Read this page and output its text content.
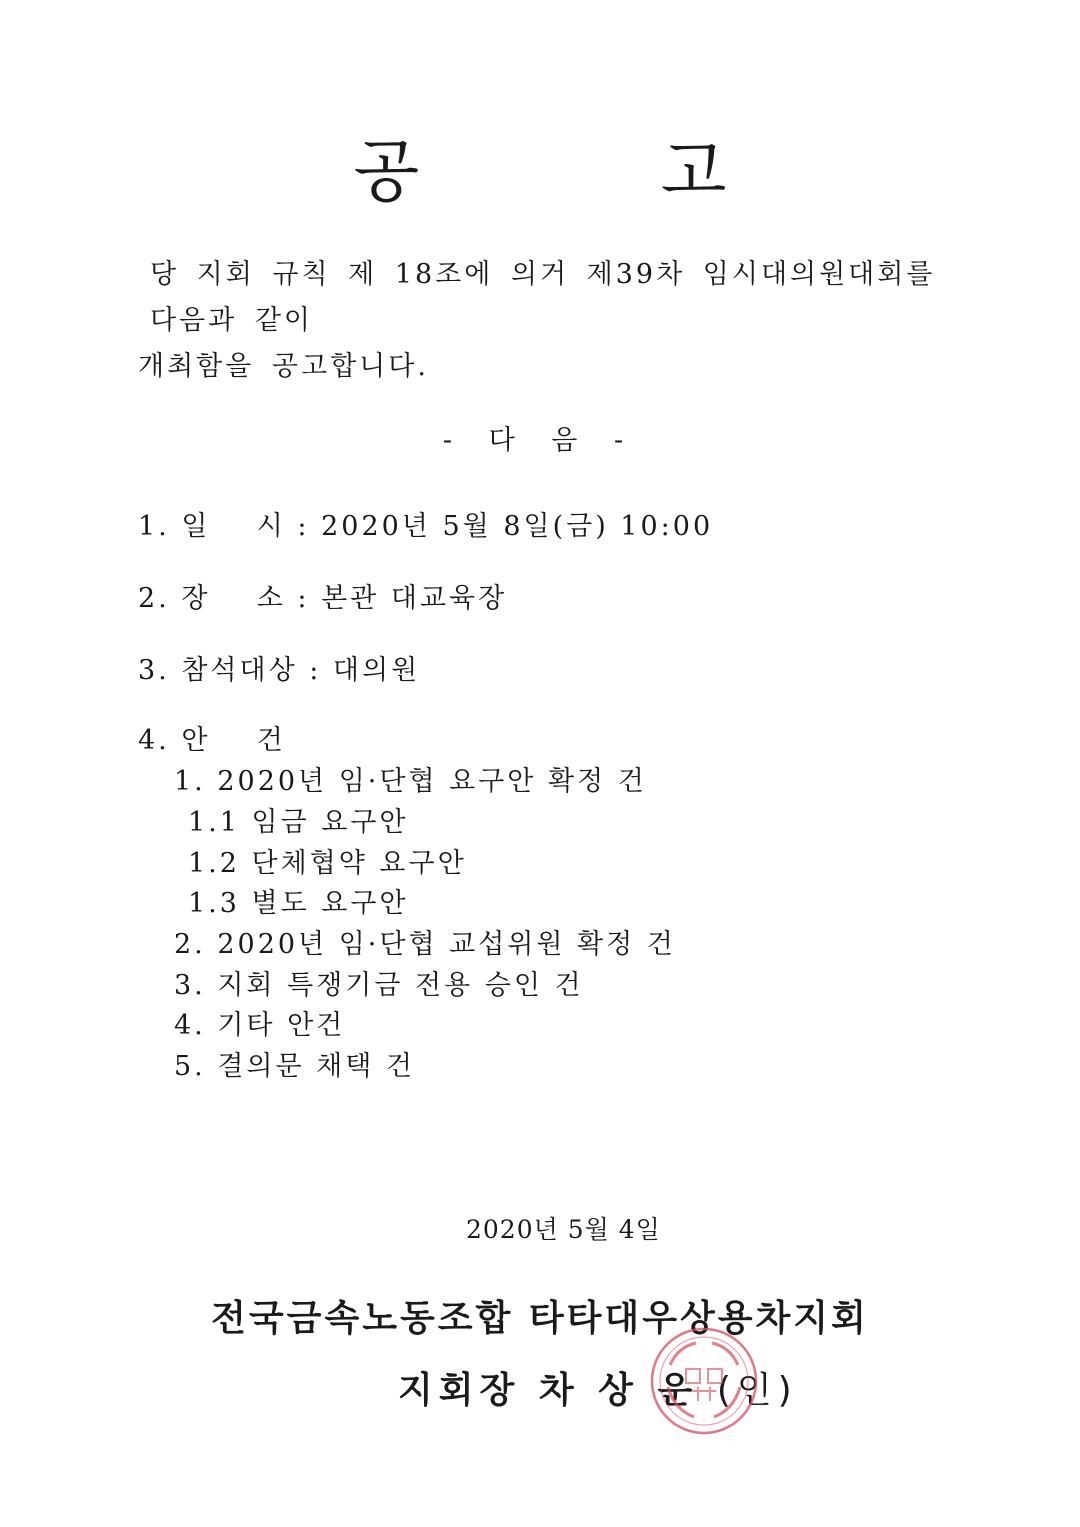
공 고
당 지회 규칙 제 18조에 의거 제39차 임시대의원대회를 다음과 같이
개최함을 공고합니다.
- 다 음 -
1. 일    시 : 2020년 5월 8일(금) 10:00
2. 장    소 : 본관 대교육장
3. 참석대상 : 대의원
4. 안    건
1. 2020년 임·단협 요구안 확정 건
1.1 임금 요구안
1.2 단체협약 요구안
1.3 별도 요구안
2. 2020년 임·단협 교섭위원 확정 건
3. 지회 특쟁기금 전용 승인 건
4. 기타 안건
5. 결의문 채택 건
2020년 5월 4일
전국금속노동조합 타타대우상용차지회
지회장 차 상 운 (인)
